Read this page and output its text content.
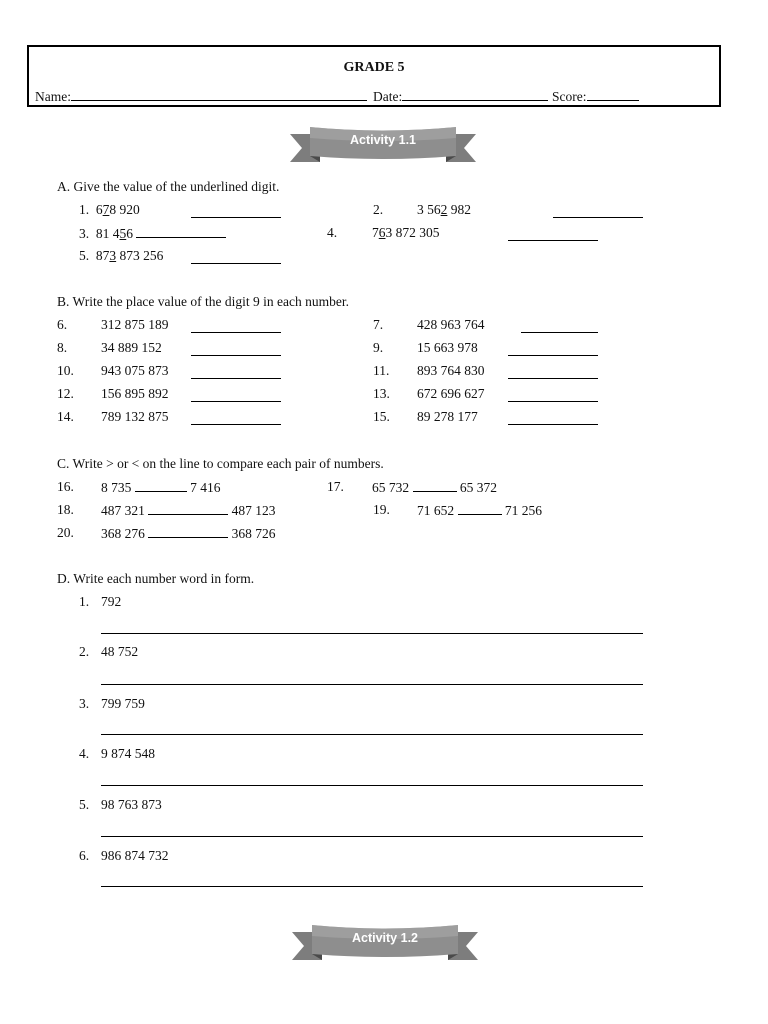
GRADE 5
Name:	Date:	Score:
Activity 1.1
A. Give the value of the underlined digit.
1. 678 920	2.	3 562 982
3. 81 456	4.	763 872 305
5. 873 873 256
B. Write the place value of the digit 9 in each number.
6.	312 875 189	7.	428 963 764
8.	34 889 152	9.	15 663 978
10. 943 075 873	11. 893 764 830
12. 156 895 892	13. 672 696 627
14. 789 132 875	15. 89 278 177
C. Write > or < on the line to compare each pair of numbers.
16. 8 735	7 416	17. 65 732	65 372
18. 487 321	487 123	19. 71 652	71 256
20. 368 276	368 726
D. Write each number word in form.
1. 792
2. 48 752
3. 799 759
4. 9 874 548
5. 98 763 873
6. 986 874 732
Activity 1.2
